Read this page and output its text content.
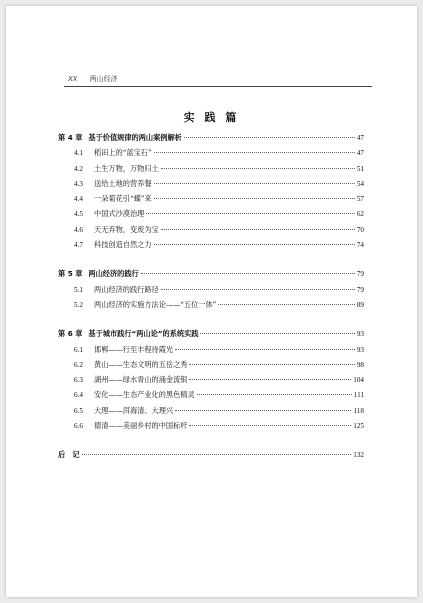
XX 两山经济
实 践 篇
第 4 章 基于价值规律的两山案例解析	47
4.1	稻田上的“蓝宝石”	47
4.2	土生万物，万物归土	51
4.3	送给土地的营养餐	54
4.4	一朵菊花引“蝶”来	57
4.5	中国式沙漠治理	62
4.6	天无弃物，变废为宝	70
4.7	科技创造自然之力	74
第 5 章 两山经济的践行	79
5.1	两山经济的践行路径	79
5.2	两山经济的实施方法论——“五位一体”	89
第 6 章 基于城市践行“两山论”的系统实践	93
6.1	邯郸——行至丰程待霞光	93
6.2	黄山——生态文明的五岳之秀	98
6.3	湖州——绿水青山的涌金流银	104
6.4	安化——生态产业化的黑色精灵	111
6.5	大理——洱海清、大理兴	118
6.6	德清——美丽乡村的中国标杆	125
后　记	132
